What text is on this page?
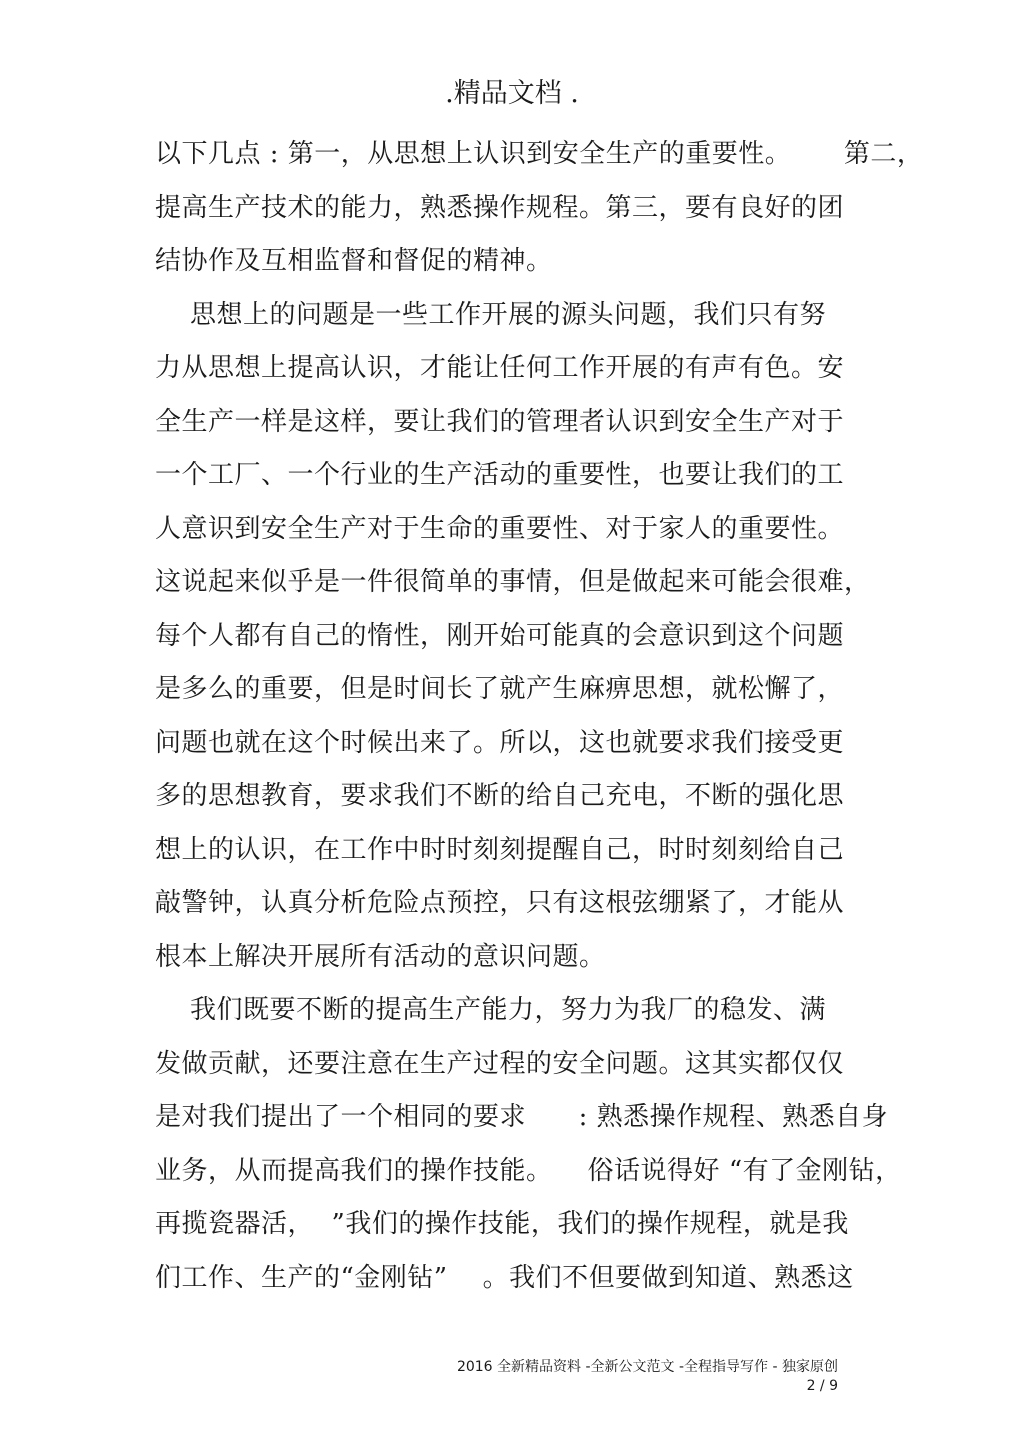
.精品文档 .
以下几点 : 第一，从思想上认识到安全生产的重要性。      第二，
提高生产技术的能力，熟悉操作规程。第三，要有良好的团
结协作及互相监督和督促的精神。
思想上的问题是一些工作开展的源头问题，我们只有努
力从思想上提高认识，才能让任何工作开展的有声有色。安
全生产一样是这样，要让我们的管理者认识到安全生产对于
一个工厂、一个行业的生产活动的重要性，也要让我们的工
人意识到安全生产对于生命的重要性、对于家人的重要性。
这说起来似乎是一件很简单的事情，但是做起来可能会很难，
每个人都有自己的惰性，刚开始可能真的会意识到这个问题
是多么的重要，但是时间长了就产生麻痹思想，就松懈了，
问题也就在这个时候出来了。所以，这也就要求我们接受更
多的思想教育，要求我们不断的给自己充电，不断的强化思
想上的认识，在工作中时时刻刻提醒自己，时时刻刻给自己
敲警钟，认真分析危险点预控，只有这根弦绷紧了，才能从
根本上解决开展所有活动的意识问题。
我们既要不断的提高生产能力，努力为我厂的稳发、满
发做贡献，还要注意在生产过程的安全问题。这其实都仅仅
是对我们提出了一个相同的要求      : 熟悉操作规程、熟悉自身
业务，从而提高我们的操作技能。    俗话说得好 “有了金刚钻，
再揽瓷器活，  ”我们的操作技能，我们的操作规程，就是我
们工作、生产的“金刚钻”    。我们不但要做到知道、熟悉这
2016 全新精品资料 -全新公文范文 -全程指导写作 - 独家原创
2 / 9
